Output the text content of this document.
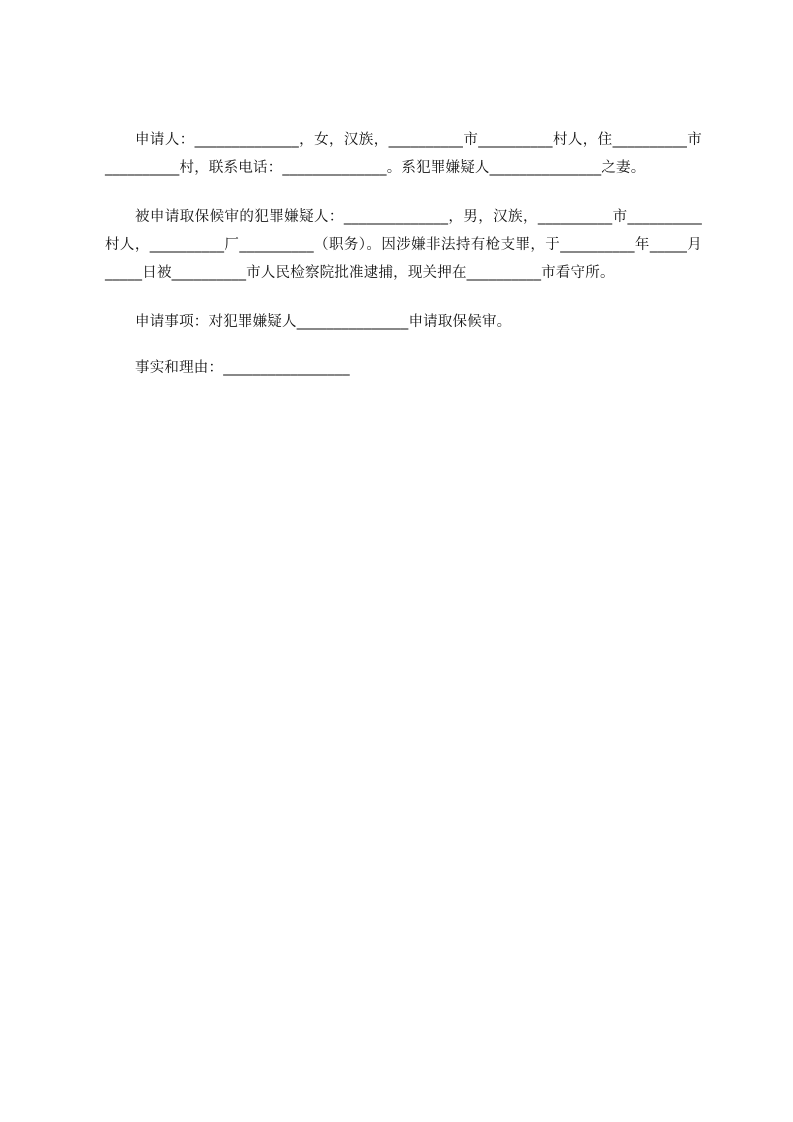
申请人：______________，女，汉族，__________市__________村人，住__________市__________村，联系电话：______________。系犯罪嫌疑人_______________之妻。

被申请取保候审的犯罪嫌疑人：______________，男，汉族，__________市__________村人，__________厂__________（职务）。因涉嫌非法持有枪支罪，于__________年_____月_____日被__________市人民检察院批准逮捕，现关押在__________市看守所。

申请事项：对犯罪嫌疑人_______________申请取保候审。

事实和理由：_________________
